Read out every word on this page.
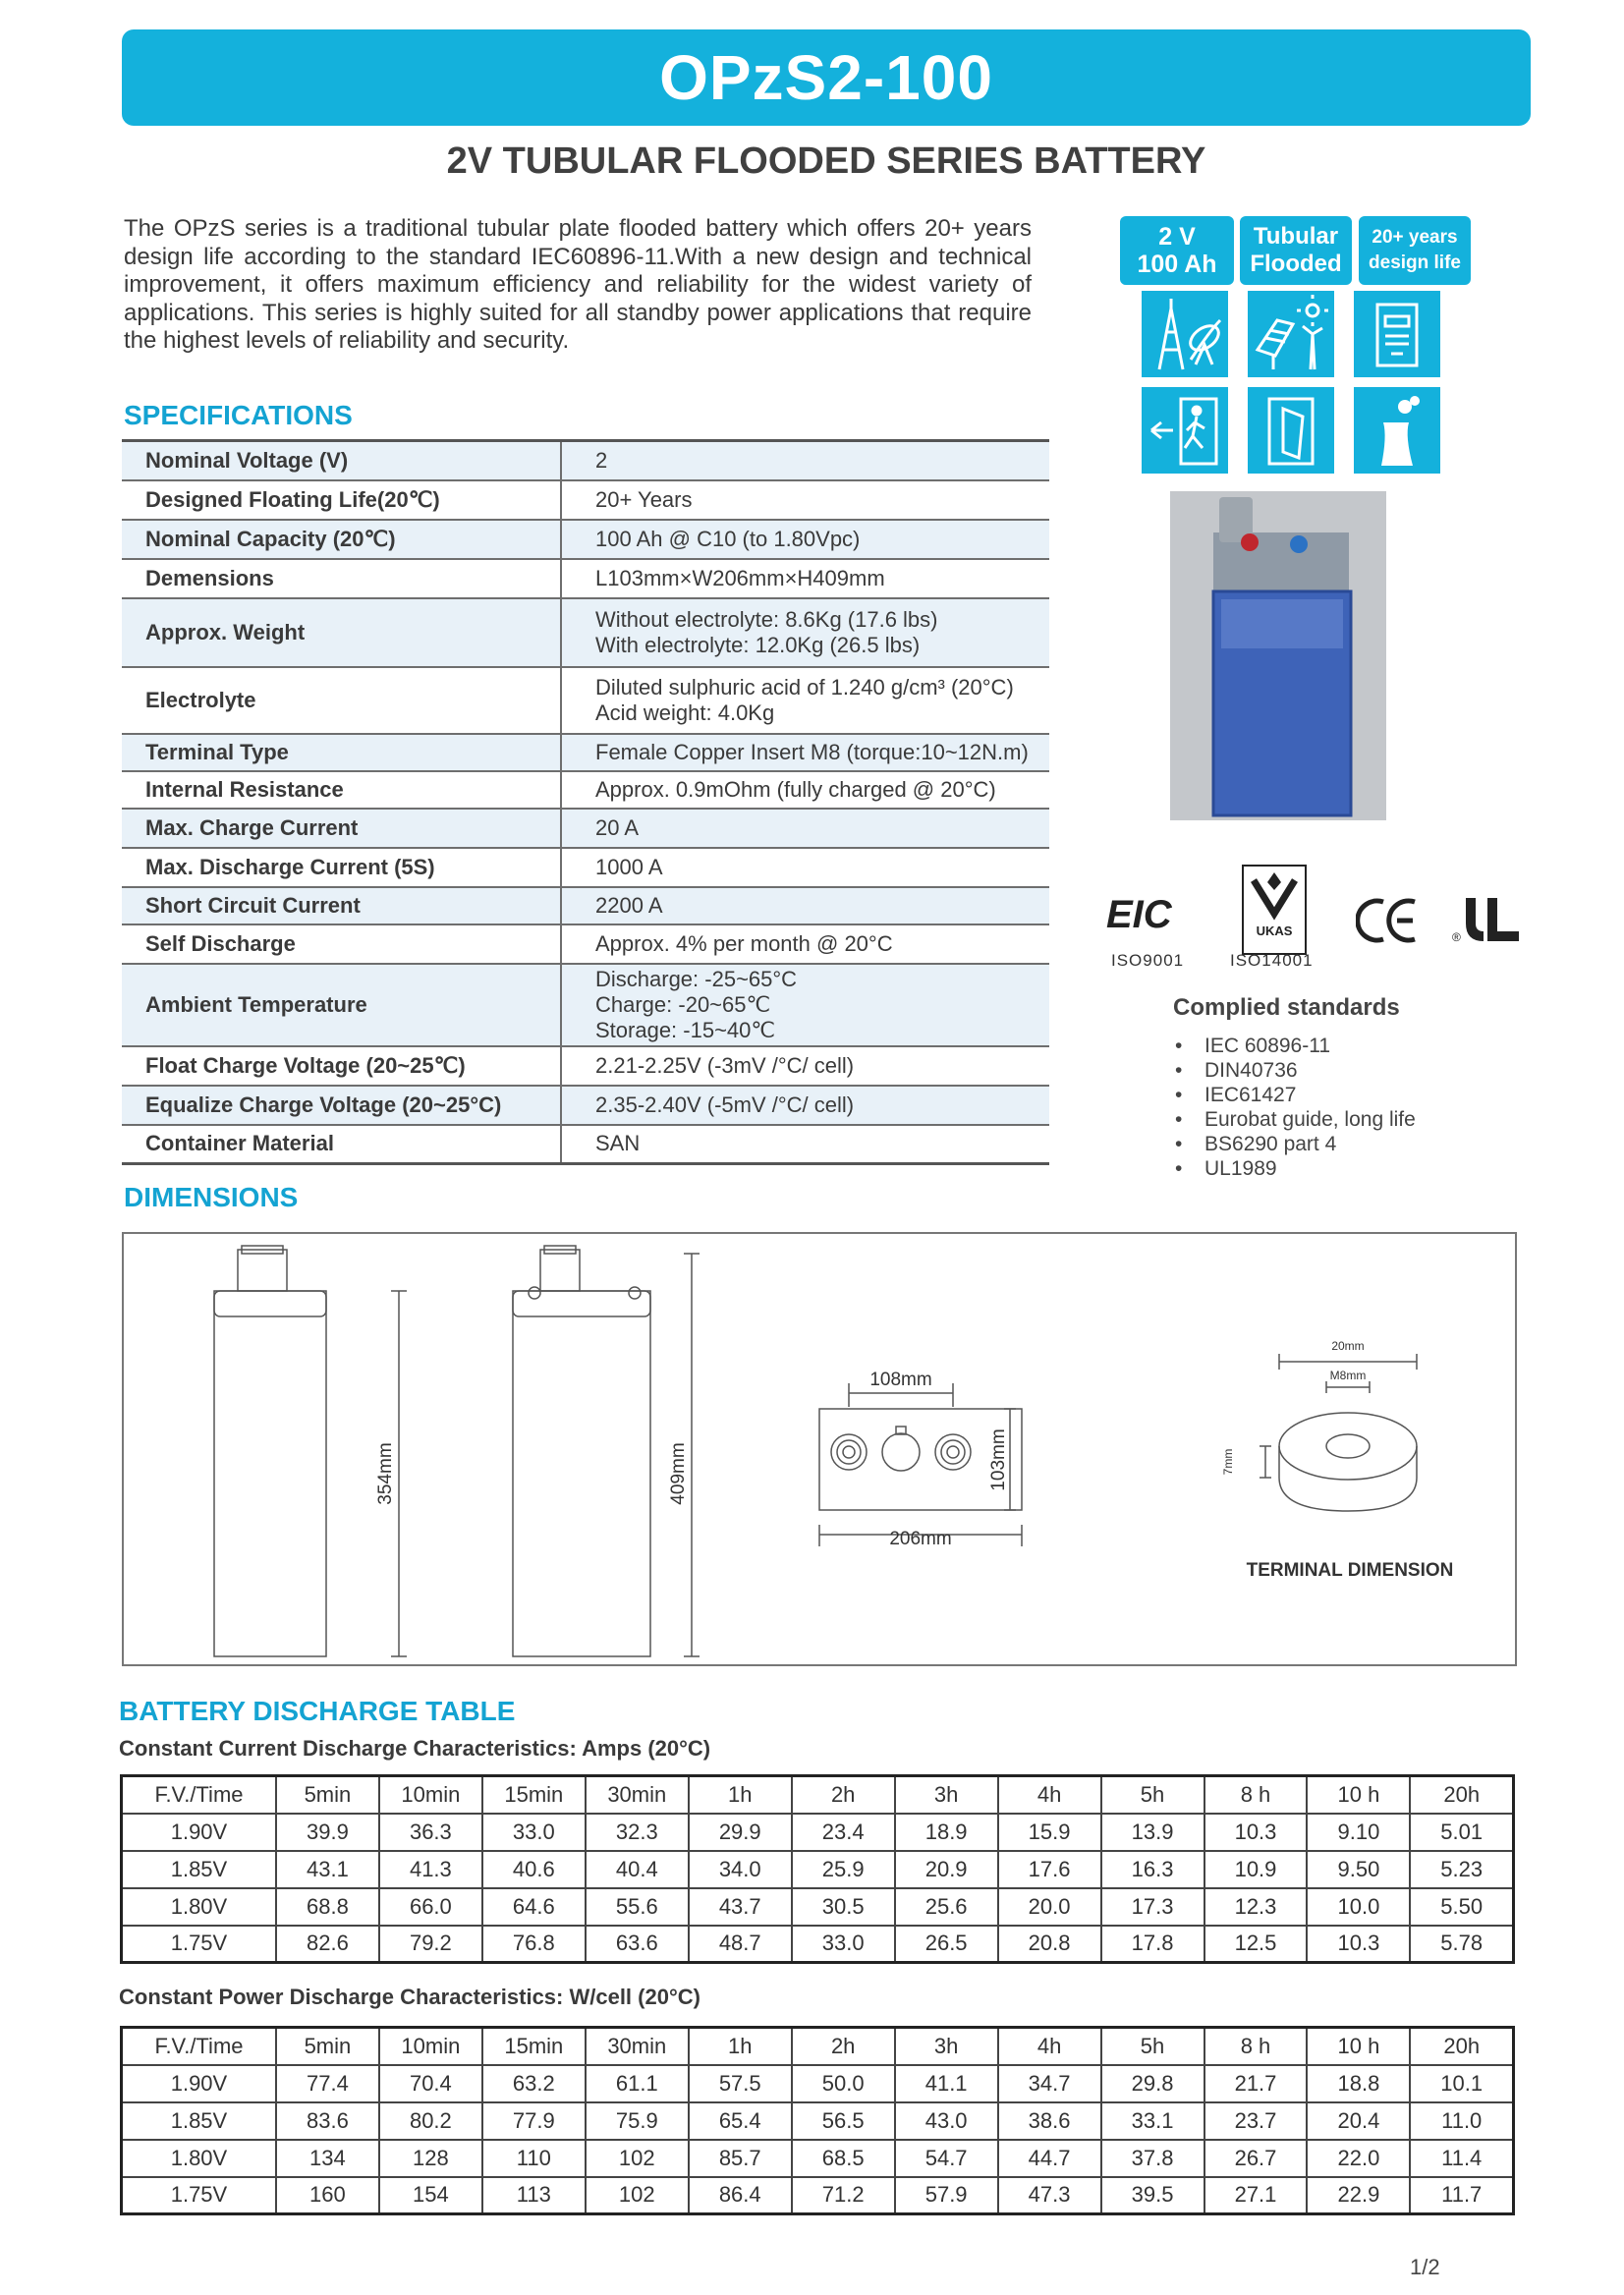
OPzS2-100
2V TUBULAR FLOODED SERIES BATTERY

The OPzS series is a traditional tubular plate flooded battery which offers 20+ years design life according to the standard IEC60896-11.With a new design and technical improvement, it offers maximum efficiency and reliability for the widest variety of applications. This series is highly suited for all standby power applications that require the highest levels of reliability and security.

SPECIFICATIONS
Nominal Voltage (V)	2

Designed Floating Life(20℃)	20+ Years

Nominal Capacity (20℃)	100 Ah @ C10 (to 1.80Vpc)

Demensions	L103mm×W206mm×H409mm

Approx. Weight	Without electrolyte: 8.6Kg (17.6 lbs)
With electrolyte: 12.0Kg (26.5 lbs)

Electrolyte	Diluted sulphuric acid of 1.240 g/cm³ (20°C)
Acid weight: 4.0Kg

Terminal Type	Female Copper Insert M8 (torque:10~12N.m)

Internal Resistance	Approx. 0.9mOhm (fully charged @ 20°C)

Max. Charge Current	20 A

Max. Discharge Current (5S)	1000 A

Short Circuit Current	2200 A

Self Discharge	Approx. 4% per month @ 20°C

Ambient Temperature	Discharge: -25~65°C
Charge: -20~65℃
Storage: -15~40℃

Float Charge Voltage (20~25℃)	2.21-2.25V (-3mV /°C/ cell)

Equalize Charge Voltage (20~25°C)	2.35-2.40V (-5mV /°C/ cell)

Container Material	SAN
2 V
100 Ah
Tubular
Flooded
20+ years
design life
EIC
ISO9001
UKAS
ISO14001
®
Complied standards
• IEC 60896-11
• DIN40736
• IEC61427
• Eurobat guide, long life
• BS6290 part 4
• UL1989
DIMENSIONS
354mm	409mm
108mm
206mm
103mm
20mm
M8mm
7mm
TERMINAL DIMENSION
BATTERY DISCHARGE TABLE
Constant Current Discharge Characteristics: Amps (20°C)
F.V./Time	5min	10min	15min	30min	1h	2h	3h	4h	5h	8 h	10 h	20h
1.90V	39.9	36.3	33.0	32.3	29.9	23.4	18.9	15.9	13.9	10.3	9.10	5.01
1.85V	43.1	41.3	40.6	40.4	34.0	25.9	20.9	17.6	16.3	10.9	9.50	5.23
1.80V	68.8	66.0	64.6	55.6	43.7	30.5	25.6	20.0	17.3	12.3	10.0	5.50
1.75V	82.6	79.2	76.8	63.6	48.7	33.0	26.5	20.8	17.8	12.5	10.3	5.78
Constant Power Discharge Characteristics: W/cell (20°C)
F.V./Time	5min	10min	15min	30min	1h	2h	3h	4h	5h	8 h	10 h	20h
1.90V	77.4	70.4	63.2	61.1	57.5	50.0	41.1	34.7	29.8	21.7	18.8	10.1
1.85V	83.6	80.2	77.9	75.9	65.4	56.5	43.0	38.6	33.1	23.7	20.4	11.0
1.80V	134	128	110	102	85.7	68.5	54.7	44.7	37.8	26.7	22.0	11.4
1.75V	160	154	113	102	86.4	71.2	57.9	47.3	39.5	27.1	22.9	11.7
1/2
